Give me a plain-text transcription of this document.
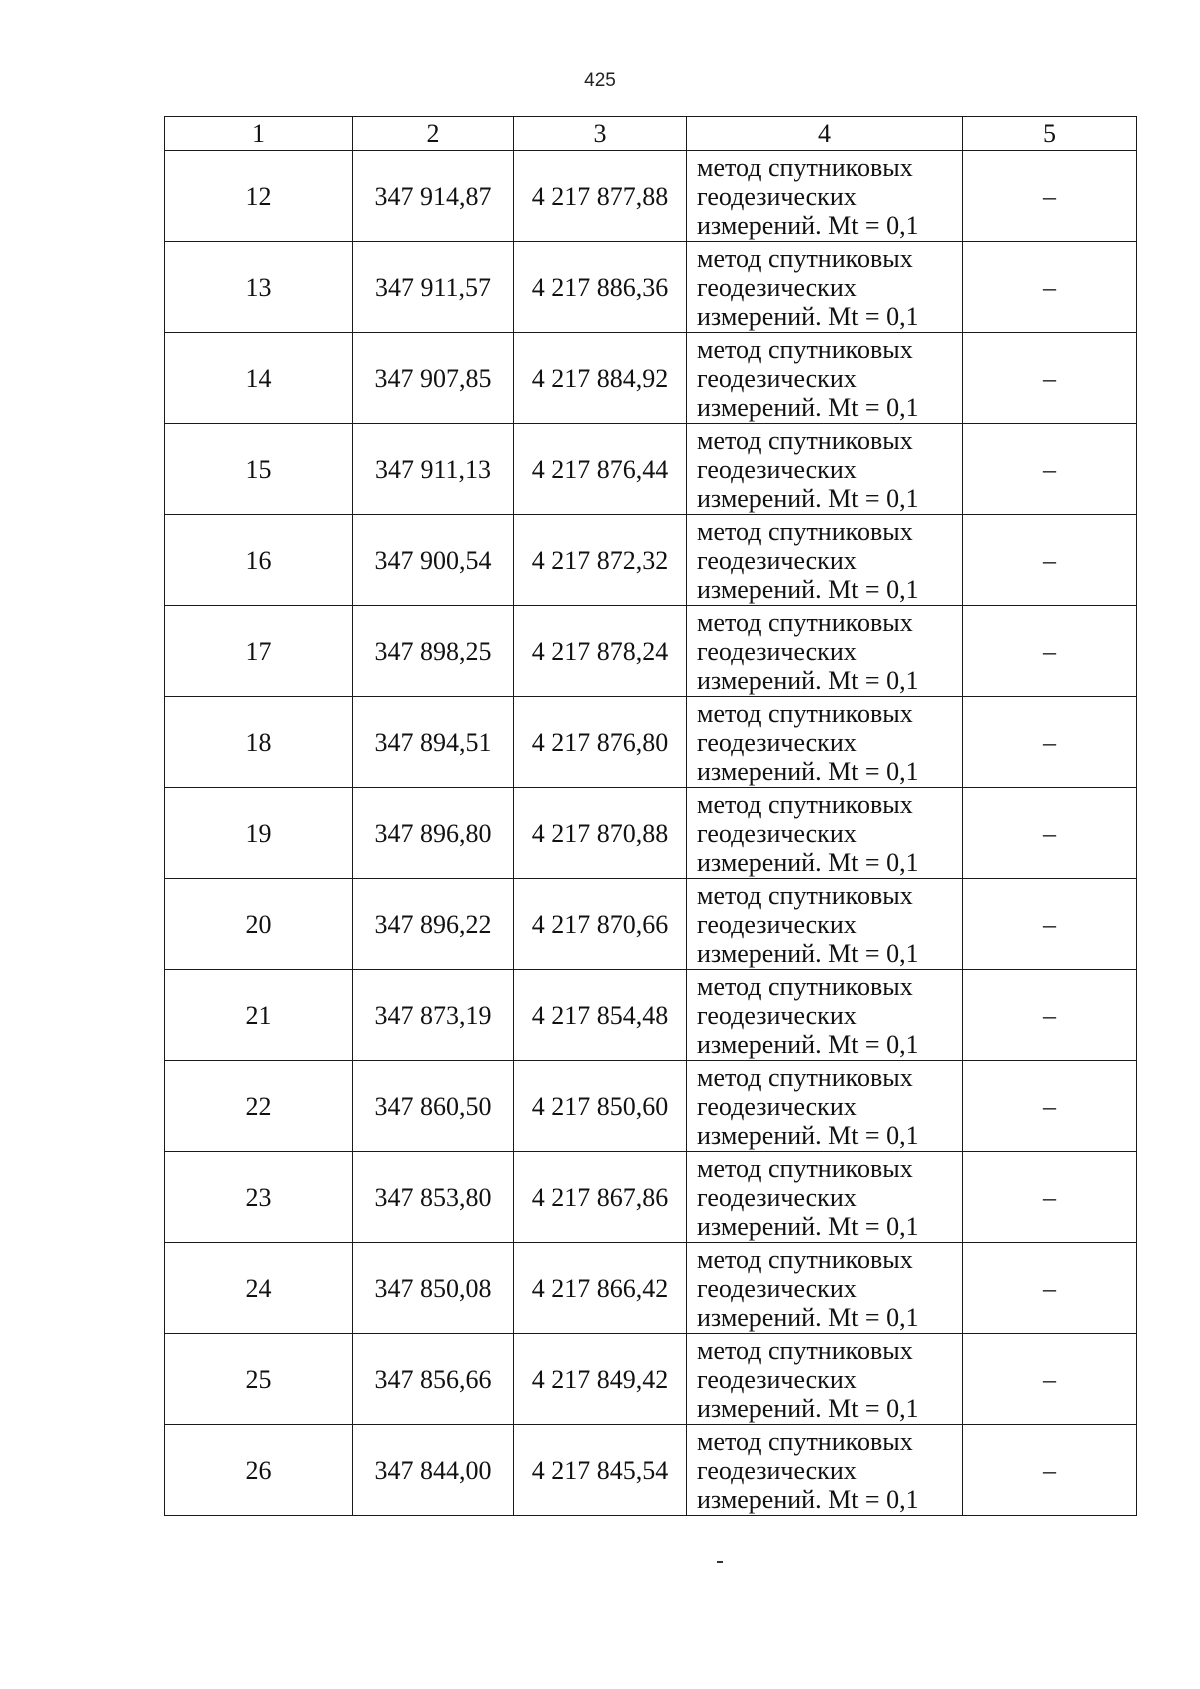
425
1	2	3	4	5
12	347 914,87	4 217 877,88	метод спутниковых
геодезических
измерений. Mt = 0,1	–
13	347 911,57	4 217 886,36	метод спутниковых
геодезических
измерений. Mt = 0,1	–
14	347 907,85	4 217 884,92	метод спутниковых
геодезических
измерений. Mt = 0,1	–
15	347 911,13	4 217 876,44	метод спутниковых
геодезических
измерений. Mt = 0,1	–
16	347 900,54	4 217 872,32	метод спутниковых
геодезических
измерений. Mt = 0,1	–
17	347 898,25	4 217 878,24	метод спутниковых
геодезических
измерений. Mt = 0,1	–
18	347 894,51	4 217 876,80	метод спутниковых
геодезических
измерений. Mt = 0,1	–
19	347 896,80	4 217 870,88	метод спутниковых
геодезических
измерений. Mt = 0,1	–
20	347 896,22	4 217 870,66	метод спутниковых
геодезических
измерений. Mt = 0,1	–
21	347 873,19	4 217 854,48	метод спутниковых
геодезических
измерений. Mt = 0,1	–
22	347 860,50	4 217 850,60	метод спутниковых
геодезических
измерений. Mt = 0,1	–
23	347 853,80	4 217 867,86	метод спутниковых
геодезических
измерений. Mt = 0,1	–
24	347 850,08	4 217 866,42	метод спутниковых
геодезических
измерений. Mt = 0,1	–
25	347 856,66	4 217 849,42	метод спутниковых
геодезических
измерений. Mt = 0,1	–
26	347 844,00	4 217 845,54	метод спутниковых
геодезических
измерений. Mt = 0,1	–
